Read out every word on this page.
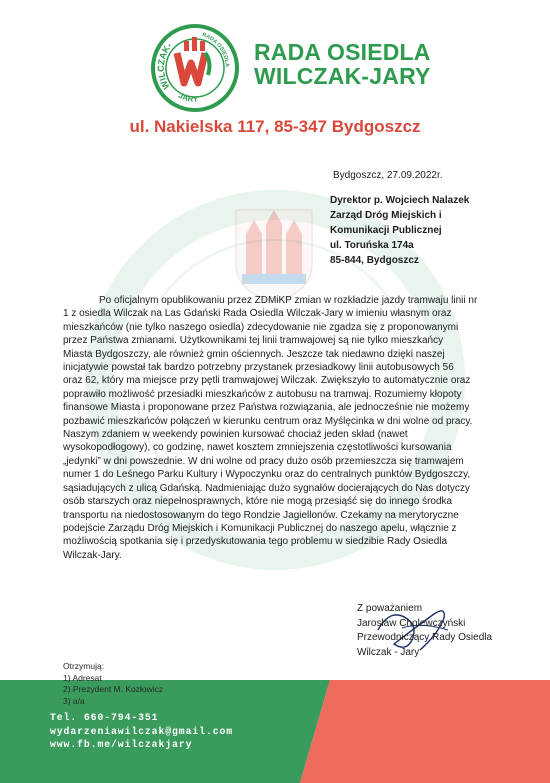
WILCZAK-
RADA OSIEDLA
JARY
RADA OSIEDLA
WILCZAK-JARY
ul. Nakielska 117, 85-347 Bydgoszcz
Bydgoszcz, 27.09.2022r.
Dyrektor p. Wojciech Nalazek
Zarząd Dróg Miejskich i
Komunikacji Publicznej
ul. Toruńska 174a
85-844, Bydgoszcz

Po oficjalnym opublikowaniu przez ZDMiKP zmian w rozkładzie jazdy tramwaju linii nr
1 z osiedla Wilczak na Las Gdański Rada Osiedla Wilczak-Jary w imieniu własnym oraz
mieszkańców (nie tylko naszego osiedla) zdecydowanie nie zgadza się z proponowanymi
przez Państwa zmianami. Użytkownikami tej linii tramwajowej są nie tylko mieszkańcy
Miasta Bydgoszczy, ale również gmin ościennych. Jeszcze tak niedawno dzięki naszej
inicjatywie powstał tak bardzo potrzebny przystanek przesiadkowy linii autobusowych 56
oraz 62, który ma miejsce przy pętli tramwajowej Wilczak. Zwiększyło to automatycznie oraz
poprawiło możliwość przesiadki mieszkańców z autobusu na tramwaj. Rozumiemy kłopoty
finansowe Miasta i proponowane przez Państwa rozwiązania, ale jednocześnie nie możemy
pozbawić mieszkańców połączeń w kierunku centrum oraz Myślęcinka w dni wolne od pracy.
Naszym zdaniem w weekendy powinien kursować chociaż jeden skład (nawet
wysokopodłogowy), co godzinę, nawet kosztem zmniejszenia częstotliwości kursowania
„jedynki” w dni powszednie. W dni wolne od pracy dużo osób przemieszcza się tramwajem
numer 1 do Leśnego Parku Kultury i Wypoczynku oraz do centralnych punktów Bydgoszczy,
sąsiadujących z ulicą Gdańską. Nadmieniając dużo sygnałów docierających do Nas dotyczy
osób starszych oraz niepełnosprawnych, które nie mogą przesiąść się do innego środka
transportu na niedostosowanym do tego Rondzie Jagiellonów. Czekamy na merytoryczne
podejście Zarządu Dróg Miejskich i Komunikacji Publicznej do naszego apelu, włącznie z
możliwością spotkania się i przedyskutowania tego problemu w siedzibie Rady Osiedla
Wilczak-Jary.

Z poważaniem
Jarosław Cholewczyński
Przewodniczący Rady Osiedla
Wilczak - Jary
Otrzymują:
1) Adresat
2) Prezydent M. Kozłowicz
3) a/a
Tel. 660-794-351
wydarzeniawilczak@gmail.com
www.fb.me/wilczakjary
